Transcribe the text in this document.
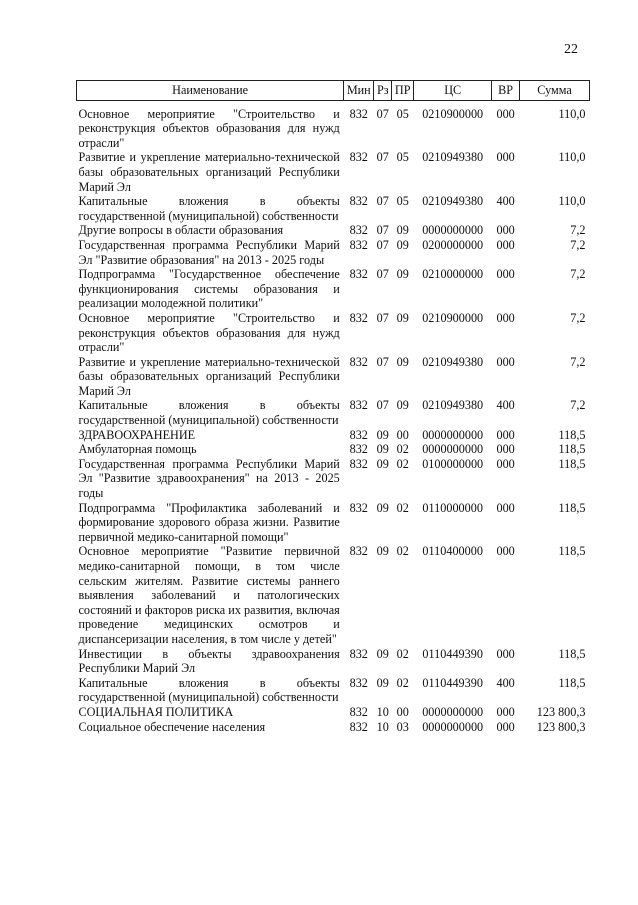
22
Наименование	Мин	Рз	ПР	ЦС	ВР	Сумма
Основное мероприятие "Строительство и реконструкция объектов образования для нужд отрасли"	832	07	05	0210900000	000	110,0
Развитие и укрепление материально-технической базы образовательных организаций Республики Марий Эл	832	07	05	0210949380	000	110,0
Капитальные вложения в объекты государственной (муниципальной) собственности	832	07	05	0210949380	400	110,0
Другие вопросы в области образования	832	07	09	0000000000	000	7,2
Государственная программа Республики Марий Эл "Развитие образования" на 2013 - 2025 годы	832	07	09	0200000000	000	7,2
Подпрограмма "Государственное обеспечение функционирования системы образования и реализации молодежной политики"	832	07	09	0210000000	000	7,2
Основное мероприятие "Строительство и реконструкция объектов образования для нужд отрасли"	832	07	09	0210900000	000	7,2
Развитие и укрепление материально-технической базы образовательных организаций Республики Марий Эл	832	07	09	0210949380	000	7,2
Капитальные вложения в объекты государственной (муниципальной) собственности	832	07	09	0210949380	400	7,2
ЗДРАВООХРАНЕНИЕ	832	09	00	0000000000	000	118,5
Амбулаторная помощь	832	09	02	0000000000	000	118,5
Государственная программа Республики Марий Эл "Развитие здравоохранения" на 2013 - 2025 годы	832	09	02	0100000000	000	118,5
Подпрограмма "Профилактика заболеваний и формирование здорового образа жизни. Развитие первичной медико-санитарной помощи"	832	09	02	0110000000	000	118,5
Основное мероприятие "Развитие первичной медико-санитарной помощи, в том числе сельским жителям. Развитие системы раннего выявления заболеваний и патологических состояний и факторов риска их развития, включая проведение медицинских осмотров и диспансеризации населения, в том числе у детей"	832	09	02	0110400000	000	118,5
Инвестиции в объекты здравоохранения Республики Марий Эл	832	09	02	0110449390	000	118,5
Капитальные вложения в объекты государственной (муниципальной) собственности	832	09	02	0110449390	400	118,5
СОЦИАЛЬНАЯ ПОЛИТИКА	832	10	00	0000000000	000	123 800,3
Социальное обеспечение населения	832	10	03	0000000000	000	123 800,3
